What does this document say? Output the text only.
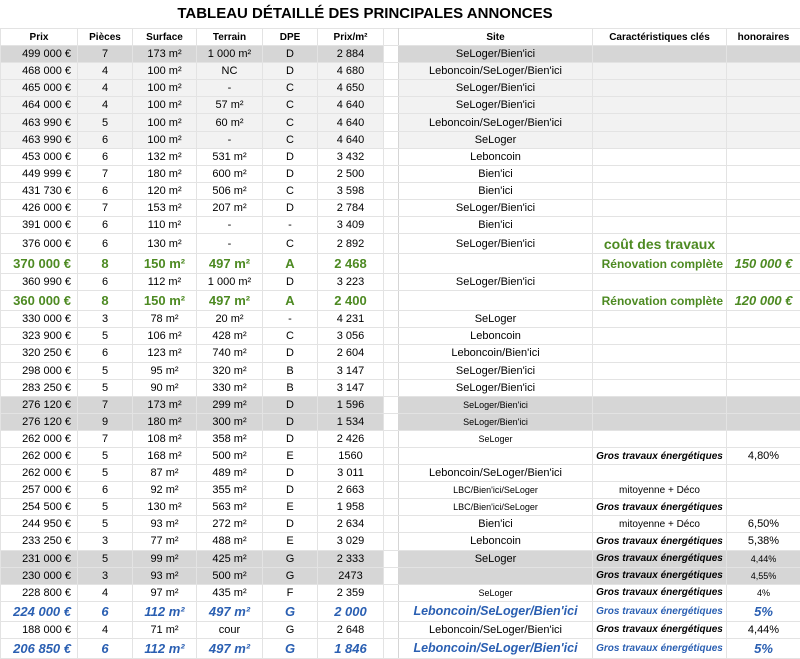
TABLEAU DÉTAILLÉ DES PRINCIPALES ANNONCES
Prix	Pièces	Surface	Terrain	DPE	Prix/m²		Site	Caractéristiques clés	honoraires
499 000 €	7	173 m²	1 000 m²	D	2 884		SeLoger/Bien'ici		
468 000 €	4	100 m²	NC	D	4 680		Leboncoin/SeLoger/Bien'ici		
465 000 €	4	100 m²	-	C	4 650		SeLoger/Bien'ici		
464 000 €	4	100 m²	57 m²	C	4 640		SeLoger/Bien'ici		
463 990 €	5	100 m²	60 m²	C	4 640		Leboncoin/SeLoger/Bien'ici		
463 990 €	6	100 m²	-	C	4 640		SeLoger		
453 000 €	6	132 m²	531 m²	D	3 432		Leboncoin		
449 999 €	7	180 m²	600 m²	D	2 500		Bien'ici		
431 730 €	6	120 m²	506 m²	C	3 598		Bien'ici		
426 000 €	7	153 m²	207 m²	D	2 784		SeLoger/Bien'ici		
391 000 €	6	110 m²	-	-	3 409		Bien'ici		
376 000 €	6	130 m²	-	C	2 892		SeLoger/Bien'ici	coût des travaux	
370 000 €	8	150 m²	497 m²	A	2 468			Rénovation complète	150 000 €
360 990 €	6	112 m²	1 000 m²	D	3 223		SeLoger/Bien'ici		
360 000 €	8	150 m²	497 m²	A	2 400			Rénovation complète	120 000 €
330 000 €	3	78 m²	20 m²	-	4 231		SeLoger		
323 900 €	5	106 m²	428 m²	C	3 056		Leboncoin		
320 250 €	6	123 m²	740 m²	D	2 604		Leboncoin/Bien'ici		
298 000 €	5	95 m²	320 m²	B	3 147		SeLoger/Bien'ici		
283 250 €	5	90 m²	330 m²	B	3 147		SeLoger/Bien'ici		
276 120 €	7	173 m²	299 m²	D	1 596		SeLoger/Bien'ici		
276 120 €	9	180 m²	300 m²	D	1 534		SeLoger/Bien'ici		
262 000 €	7	108 m²	358 m²	D	2 426		SeLoger		
262 000 €	5	168 m²	500 m²	E	1560			Gros travaux énergétiques	4,80%
262 000 €	5	87 m²	489 m²	D	3 011		Leboncoin/SeLoger/Bien'ici		
257 000 €	6	92 m²	355 m²	D	2 663		LBC/Bien'ici/SeLoger	mitoyenne + Déco	
254 500 €	5	130 m²	563 m²	E	1 958		LBC/Bien'ici/SeLoger	Gros travaux énergétiques	
244 950 €	5	93 m²	272 m²	D	2 634		Bien'ici	mitoyenne + Déco	6,50%
233 250 €	3	77 m²	488 m²	E	3 029		Leboncoin	Gros travaux énergétiques	5,38%
231 000 €	5	99 m²	425 m²	G	2 333		SeLoger	Gros travaux énergétiques	4,44%
230 000 €	3	93 m²	500 m²	G	2473			Gros travaux énergétiques	4,55%
228 800 €	4	97 m²	435 m²	F	2 359		SeLoger	Gros travaux énergétiques	4%
224 000 €	6	112 m²	497 m²	G	2 000		Leboncoin/SeLoger/Bien'ici	Gros travaux énergétiques	5%
188 000 €	4	71 m²	cour	G	2 648		Leboncoin/SeLoger/Bien'ici	Gros travaux énergétiques	4,44%
206 850 €	6	112 m²	497 m²	G	1 846		Leboncoin/SeLoger/Bien'ici	Gros travaux énergétiques	5%
